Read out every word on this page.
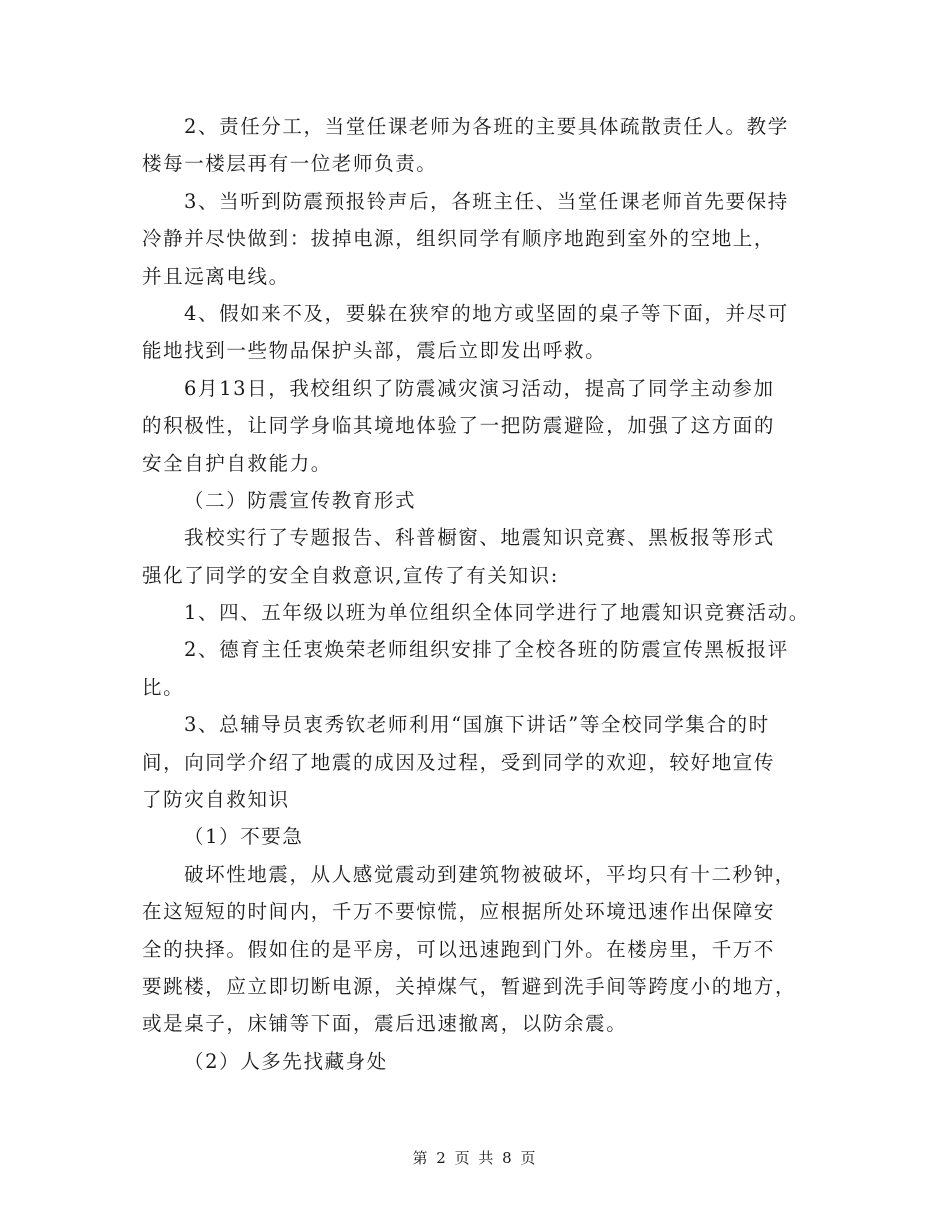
2、责任分工，当堂任课老师为各班的主要具体疏散责任人。教学
楼每一楼层再有一位老师负责。
3、当听到防震预报铃声后，各班主任、当堂任课老师首先要保持
冷静并尽快做到：拔掉电源，组织同学有顺序地跑到室外的空地上，
并且远离电线。
4、假如来不及，要躲在狭窄的地方或坚固的桌子等下面，并尽可
能地找到一些物品保护头部，震后立即发出呼救。
6月13日，我校组织了防震减灾演习活动，提高了同学主动参加
的积极性，让同学身临其境地体验了一把防震避险，加强了这方面的
安全自护自救能力。
（二）防震宣传教育形式
我校实行了专题报告、科普橱窗、地震知识竞赛、黑板报等形式
强化了同学的安全自救意识,宣传了有关知识:
1、四、五年级以班为单位组织全体同学进行了地震知识竞赛活动。
2、德育主任衷焕荣老师组织安排了全校各班的防震宣传黑板报评
比。
3、总辅导员衷秀钦老师利用“国旗下讲话”等全校同学集合的时
间，向同学介绍了地震的成因及过程，受到同学的欢迎，较好地宣传
了防灾自救知识
（1）不要急
破坏性地震，从人感觉震动到建筑物被破坏，平均只有十二秒钟，
在这短短的时间内，千万不要惊慌，应根据所处环境迅速作出保障安
全的抉择。假如住的是平房，可以迅速跑到门外。在楼房里，千万不
要跳楼，应立即切断电源，关掉煤气，暂避到洗手间等跨度小的地方，
或是桌子，床铺等下面，震后迅速撤离，以防余震。
（2）人多先找藏身处
第 2 页 共 8 页
